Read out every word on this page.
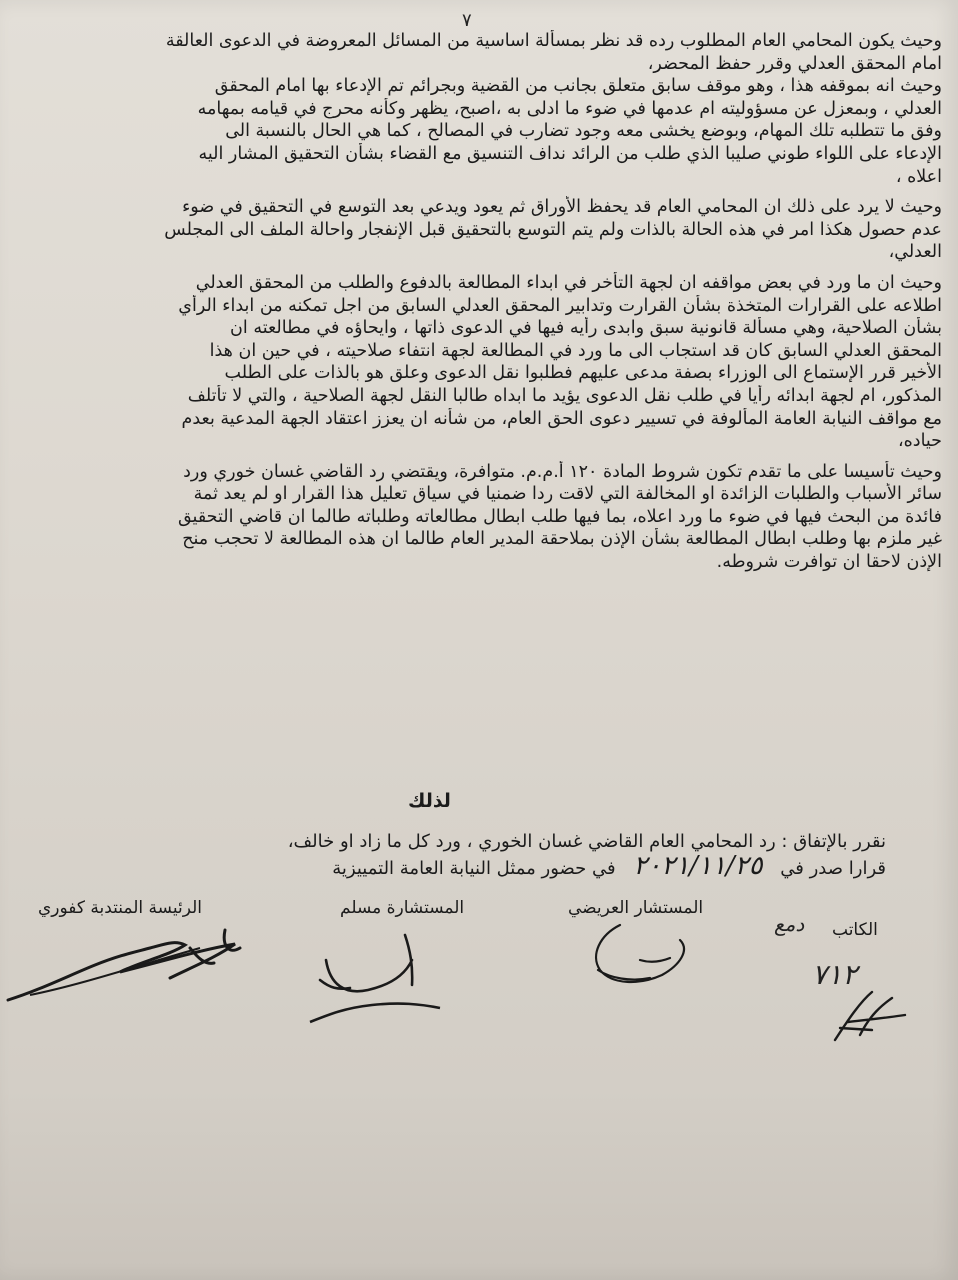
٧
وحيث يكون المحامي العام المطلوب رده قد نظر بمسألة اساسية من المسائل المعروضة في الدعوى العالقة
امام المحقق العدلي وقرر حفظ المحضر،
وحيث انه بموقفه هذا ، وهو موقف سابق متعلق بجانب من القضية وبجرائم تم الإدعاء بها امام المحقق
العدلي ، وبمعزل عن مسؤوليته ام عدمها في ضوء ما ادلى به ،اصبح، يظهر وكأنه محرج في قيامه بمهامه
وفق ما تتطلبه تلك المهام، وبوضع يخشى معه وجود تضارب في المصالح ، كما هي الحال بالنسبة الى
الإدعاء على اللواء طوني صليبا الذي طلب من الرائد نداف التنسيق مع القضاء بشأن التحقيق المشار اليه
اعلاه ،
وحيث لا يرد على ذلك ان المحامي العام قد يحفظ الأوراق ثم يعود ويدعي بعد التوسع في التحقيق في ضوء
عدم حصول هكذا امر في هذه الحالة بالذات ولم يتم التوسع بالتحقيق قبل الإنفجار واحالة الملف الى المجلس
العدلي،
وحيث ان ما ورد في بعض مواقفه ان لجهة التأخر في ابداء المطالعة بالدفوع والطلب من المحقق العدلي
اطلاعه على القرارات المتخذة بشأن القرارت وتدابير المحقق العدلي السابق من اجل تمكنه من ابداء الرأي
بشأن الصلاحية، وهي مسألة قانونية سبق وابدى رأيه فيها في الدعوى ذاتها ، وايحاؤه في مطالعته ان
المحقق العدلي السابق كان قد استجاب الى ما ورد في المطالعة لجهة انتفاء صلاحيته ، في حين ان هذا
الأخير قرر الإستماع الى الوزراء بصفة مدعى عليهم فطلبوا نقل الدعوى وعلق هو بالذات على الطلب
المذكور، ام لجهة ابدائه رأيا في طلب نقل الدعوى يؤيد ما ابداه طالبا النقل لجهة الصلاحية ، والتي لا تأتلف
مع مواقف النيابة العامة المألوفة في تسيير دعوى الحق العام، من شأنه ان يعزز اعتقاد الجهة المدعية بعدم
حياده،
وحيث تأسيسا على ما تقدم تكون شروط المادة ١٢٠ أ.م.م. متوافرة، ويقتضي رد القاضي غسان خوري ورد
سائر الأسباب والطلبات الزائدة او المخالفة التي لاقت ردا ضمنيا في سياق تعليل هذا القرار او لم يعد ثمة
فائدة من البحث فيها في ضوء ما ورد اعلاه، بما فيها طلب ابطال مطالعاته وطلباته طالما ان قاضي التحقيق
غير ملزم بها وطلب ابطال المطالعة بشأن الإذن بملاحقة المدير العام طالما ان هذه المطالعة لا تحجب منح
الإذن لاحقا ان توافرت شروطه.
لذلك
نقرر بالإتفاق : رد المحامي العام القاضي غسان الخوري ، ورد كل ما زاد او خالف،
قرارا صدر في ٢٠٢١/١١/٢٥ في حضور ممثل النيابة العامة التمييزية
الرئيسة المنتدبة كفوري	المستشارة مسلم	المستشار العريضي
الكاتب
دمع
٧١٢
